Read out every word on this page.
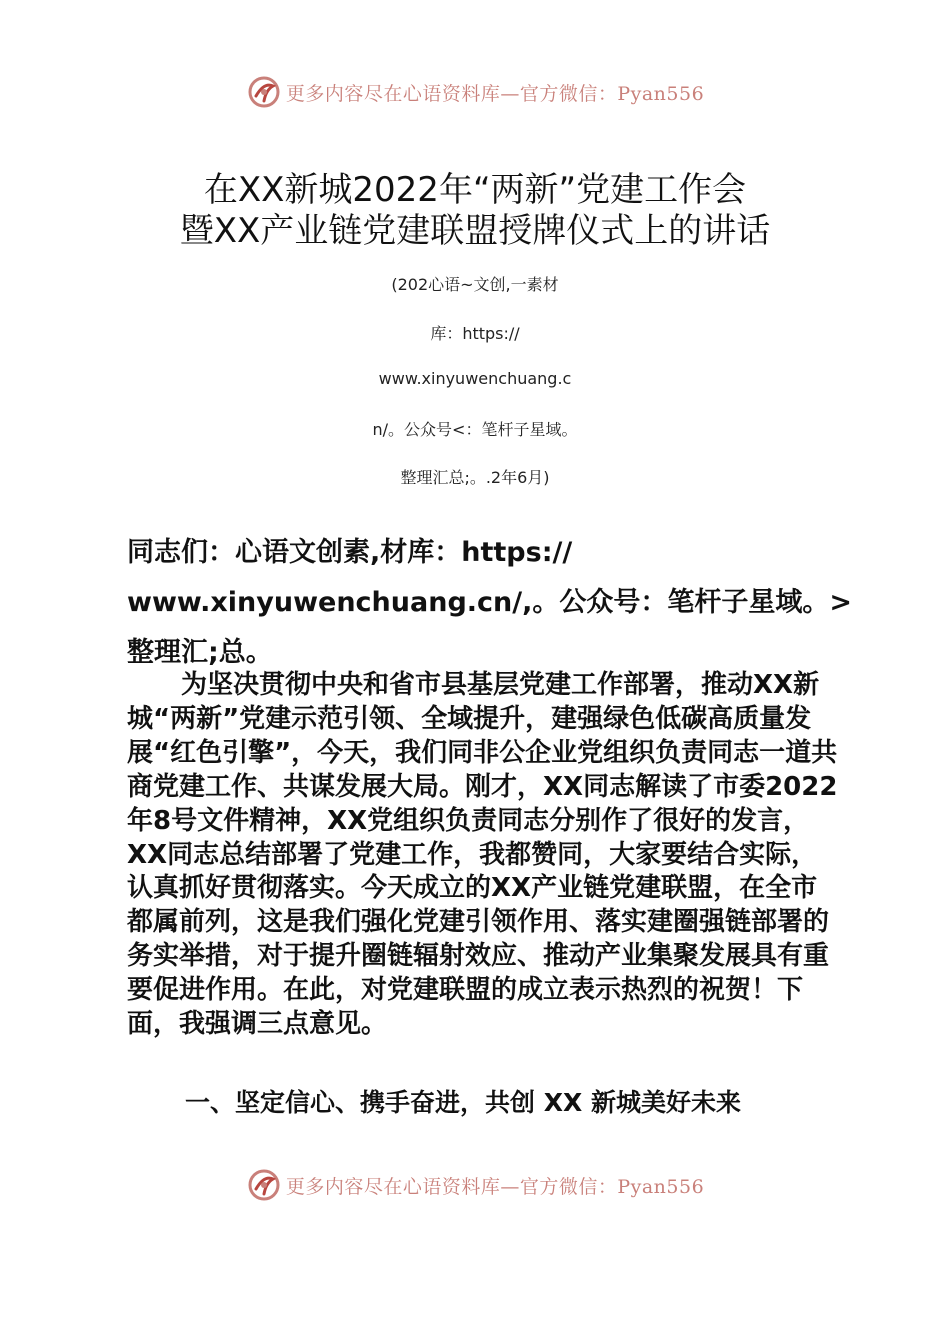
更多内容尽在心语资料库—官方微信：Pyan556
在XX新城2022年“两新”党建工作会
暨XX产业链党建联盟授牌仪式上的讲话
(202心语~文创,一素材
库：https://
www.xinyuwenchuang.c
n/。公众号<：笔杆子星域。
整理汇总;。.2年6月)
同志们：心语文创素,材库：https:// www.xinyuwenchuang.cn/,。公众号：笔杆子星域。> 整理汇;总。
为坚决贯彻中央和省市县基层党建工作部署，推动XX新城“两新”党建示范引领、全域提升，建强绿色低碳高质量发展“红色引擎”，今天，我们同非公企业党组织负责同志一道共商党建工作、共谋发展大局。刚才，XX同志解读了市委2022年8号文件精神，XX党组织负责同志分别作了很好的发言，XX同志总结部署了党建工作，我都赞同，大家要结合实际，认真抓好贯彻落实。今天成立的XX产业链党建联盟，在全市都属前列，这是我们强化党建引领作用、落实建圈强链部署的务实举措，对于提升圈链辐射效应、推动产业集聚发展具有重要促进作用。在此，对党建联盟的成立表示热烈的祝贺！下面，我强调三点意见。
一、坚定信心、携手奋进，共创 XX 新城美好未来
更多内容尽在心语资料库—官方微信：Pyan556
